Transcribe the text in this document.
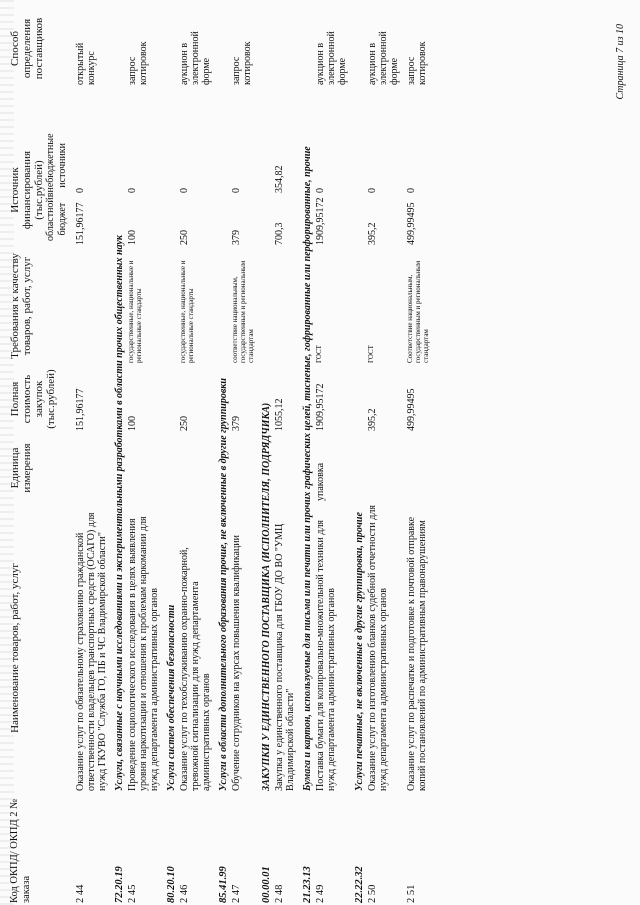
Код ОКПД/ ОКПД 2 № заказа
Наименование товаров, работ, услуг
Единица измерения
Полная стоимость закупок (тыс.рублей)
Требования к качеству товаров, работ, услуг
Источник финансирования (тыс.рублей) областной бюджет
внебюджетные источники
Способ определения поставщиков
2 44
Оказание услуг по обязательному страхованию гражданской ответственности владельцев транспортных средств (ОСАГО) для нужд ГКУВО "Служба ГО, ПБ и ЧС Владимирской области"
151,96177
151,96177
0
открытый конкурс
72.20.19
Услуги, связанные с научными исследованиями и экспериментальными разработками в области прочих общественных наук
2 45
Проведение социологического исследования в целях выявления уровня наркотизации и отношения к проблемам наркомании для нужд департамента административных органов
100
государственные, национальные и региональные стандарты
100
0
запрос котировок
80.20.10
Услуги систем обеспечения безопасности
2 46
Оказание услуг по техобслуживанию охранно-пожарной, тревожной сигнализации для нужд департамента административных органов
250
государственные, национальные и региональные стандарты
250
0
аукцион в электронной форме
85.41.99
Услуги в области дополнительного образования прочие, не включенные в другие группировки
2 47
Обучение сотрудников на курсах повышения квалификации
379
соответствие национальным, государственным и региональным стандартам
379
0
запрос котировок
00.00.01
ЗАКУПКИ У ЕДИНСТВЕННОГО ПОСТАВЩИКА (ИСПОЛНИТЕЛЯ, ПОДРЯДЧИКА)
2 48
Закупка у единственного поставщика для ГБОУ ДО ВО "УМЦ Владимирской области"
1055,12
700,3
354,82
21.23.13
Бумага и картон, используемые для письма или печати или прочих графических целей, тисненые, гофрированные или перфорированные, прочие
2 49
Поставка бумаги для копировально-множительной техники для нужд департамента административных органов
упаковка
1909,95172
ГОСТ
1909,95172
0
аукцион в электронной форме
22.22.32
Услуги печатные, не включенные в другие группировки, прочие
2 50
Оказание услуг по изготовлению бланков судебной отчетности для нужд департамента административных органов
395,2
ГОСТ
395,2
0
аукцион в электронной форме
2 51
Оказание услуг по распечатке и подготовке к почтовой отправке копий постановлений по административным правонарушениям
499,99495
Соответствие национальным, государственным и региональным стандартам
499,99495
0
запрос котировок	Страница 7 из 10
